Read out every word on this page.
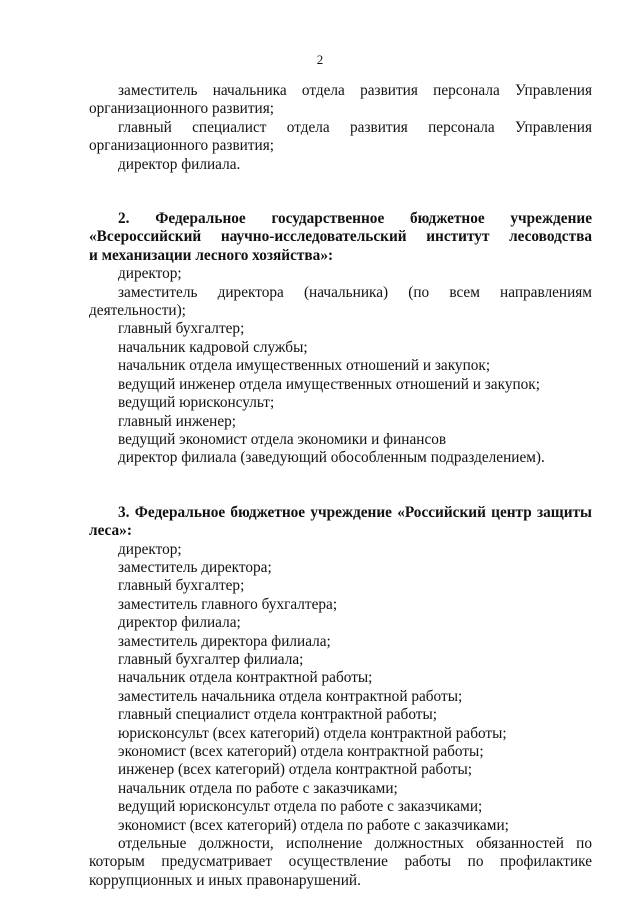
2
заместитель начальника отдела развития персонала Управления
организационного развития;
главный специалист отдела развития персонала Управления
организационного развития;
директор филиала.
2. Федеральное государственное бюджетное учреждение
«Всероссийский научно-исследовательский институт лесоводства
и механизации лесного хозяйства»:
директор;
заместитель директора (начальника) (по всем направлениям
деятельности);
главный бухгалтер;
начальник кадровой службы;
начальник отдела имущественных отношений и закупок;
ведущий инженер отдела имущественных отношений и закупок;
ведущий юрисконсульт;
главный инженер;
ведущий экономист отдела экономики и финансов
директор филиала (заведующий обособленным подразделением).
3. Федеральное бюджетное учреждение «Российский центр защиты
леса»:
директор;
заместитель директора;
главный бухгалтер;
заместитель главного бухгалтера;
директор филиала;
заместитель директора филиала;
главный бухгалтер филиала;
начальник отдела контрактной работы;
заместитель начальника отдела контрактной работы;
главный специалист отдела контрактной работы;
юрисконсульт (всех категорий) отдела контрактной работы;
экономист (всех категорий) отдела контрактной работы;
инженер (всех категорий) отдела контрактной работы;
начальник отдела по работе с заказчиками;
ведущий юрисконсульт отдела по работе с заказчиками;
экономист (всех категорий) отдела по работе с заказчиками;
отдельные должности, исполнение должностных обязанностей по
которым предусматривает осуществление работы по профилактике
коррупционных и иных правонарушений.
